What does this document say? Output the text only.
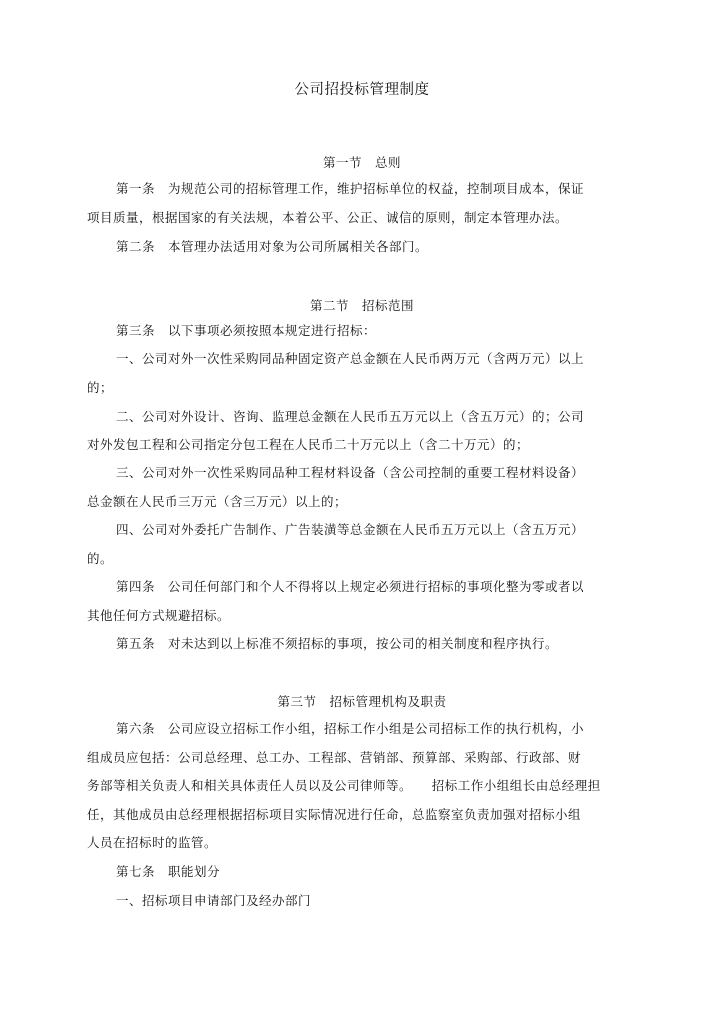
公司招投标管理制度
第一节　总则
第一条　为规范公司的招标管理工作，维护招标单位的权益，控制项目成本，保证
项目质量，根据国家的有关法规，本着公平、公正、诚信的原则，制定本管理办法。
第二条　本管理办法适用对象为公司所属相关各部门。
第二节　招标范围
第三条　以下事项必须按照本规定进行招标：
一、公司对外一次性采购同品种固定资产总金额在人民币两万元（含两万元）以上
的；
二、公司对外设计、咨询、监理总金额在人民币五万元以上（含五万元）的；公司
对外发包工程和公司指定分包工程在人民币二十万元以上（含二十万元）的；
三、公司对外一次性采购同品种工程材料设备（含公司控制的重要工程材料设备）
总金额在人民币三万元（含三万元）以上的；
四、公司对外委托广告制作、广告装潢等总金额在人民币五万元以上（含五万元）
的。
第四条　公司任何部门和个人不得将以上规定必须进行招标的事项化整为零或者以
其他任何方式规避招标。
第五条　对未达到以上标准不须招标的事项，按公司的相关制度和程序执行。
第三节　招标管理机构及职责
第六条　公司应设立招标工作小组，招标工作小组是公司招标工作的执行机构，小
组成员应包括：公司总经理、总工办、工程部、营销部、预算部、采购部、行政部、财
务部等相关负责人和相关具体责任人员以及公司律师等。　　招标工作小组组长由总经理担
任，其他成员由总经理根据招标项目实际情况进行任命，总监察室负责加强对招标小组
人员在招标时的监管。
第七条　职能划分
一、招标项目申请部门及经办部门
